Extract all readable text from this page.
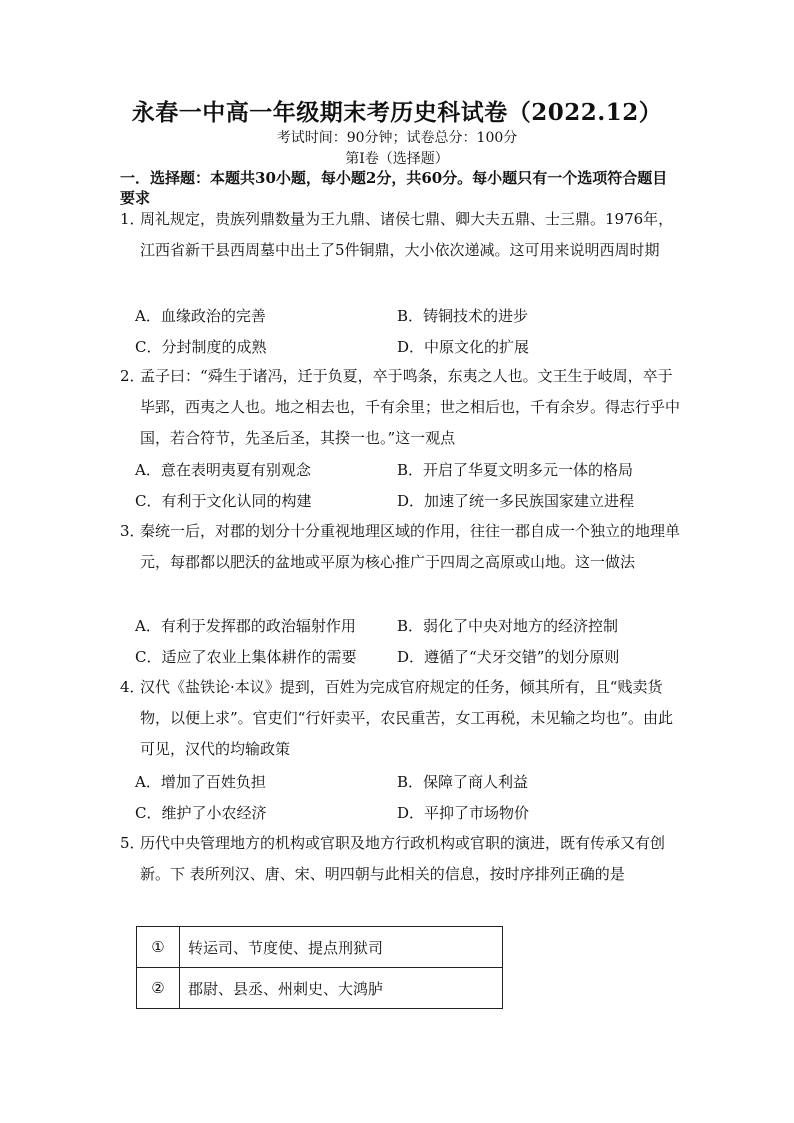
永春一中高一年级期末考历史科试卷（2022.12）
考试时间：90分钟；试卷总分：100分
第Ⅰ卷（选择题）
一．选择题：本题共30小题，每小题2分，共60分。每小题只有一个选项符合题目要求
1．
周礼规定，贵族列鼎数量为王九鼎、诸侯七鼎、卿大夫五鼎、士三鼎。1976年，江西省新干县西周墓中出土了5件铜鼎，大小依次递减。这可用来说明西周时期
A．血缘政治的完善	B．铸铜技术的进步
C．分封制度的成熟	D．中原文化的扩展
2．
孟子曰：“舜生于诸冯，迁于负夏，卒于鸣条，东夷之人也。文王生于岐周，卒于毕郢，西夷之人也。地之相去也，千有余里；世之相后也，千有余岁。得志行乎中国，若合符节，先圣后圣，其揆一也。”这一观点
A．意在表明夷夏有别观念	B．开启了华夏文明多元一体的格局
C．有利于文化认同的构建	D．加速了统一多民族国家建立进程
3．
秦统一后，对郡的划分十分重视地理区域的作用，往往一郡自成一个独立的地理单元，每郡都以肥沃的盆地或平原为核心推广于四周之高原或山地。这一做法
A．有利于发挥郡的政治辐射作用	B．弱化了中央对地方的经济控制
C．适应了农业上集体耕作的需要	D．遵循了“犬牙交错”的划分原则
4．
汉代《盐铁论·本议》提到，百姓为完成官府规定的任务，倾其所有，且“贱卖货物，以便上求”。官吏们“行奸卖平，农民重苦，女工再税，未见输之均也”。由此可见，汉代的均输政策
A．增加了百姓负担	B．保障了商人利益
C．维护了小农经济	D．平抑了市场物价
5．
历代中央管理地方的机构或官职及地方行政机构或官职的演进，既有传承又有创新。下 表所列汉、唐、宋、明四朝与此相关的信息，按时序排列正确的是
①	转运司、节度使、提点刑狱司
②	郡尉、县丞、州刺史、大鸿胪
